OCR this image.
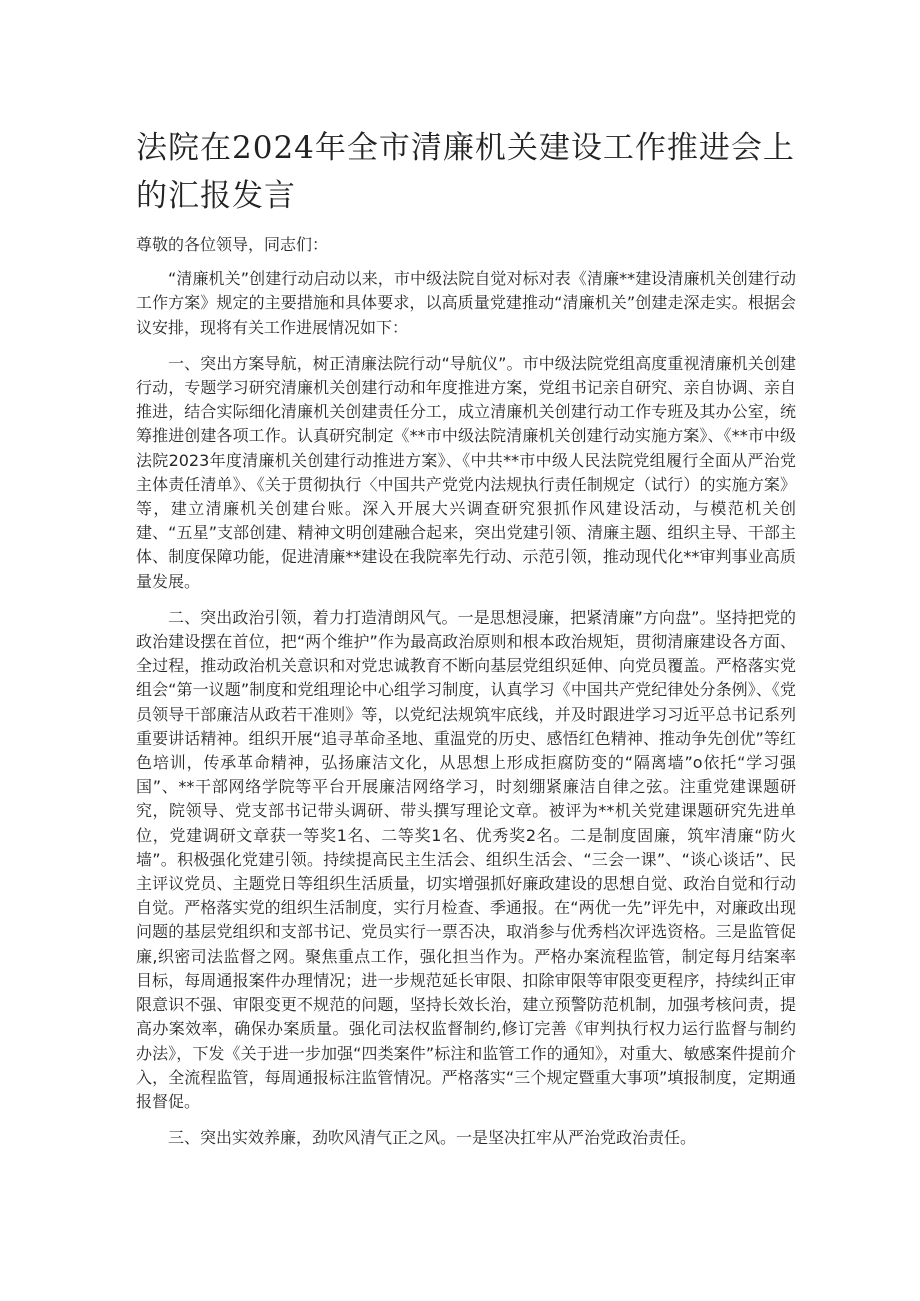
法院在2024年全市清廉机关建设工作推进会上的汇报发言

尊敬的各位领导，同志们：

“清廉机关”创建行动启动以来，市中级法院自觉对标对表《清廉**建设清廉机关创建行动工作方案》规定的主要措施和具体要求，以高质量党建推动“清廉机关”创建走深走实。根据会议安排，现将有关工作进展情况如下：

一、突出方案导航，树正清廉法院行动“导航仪”。市中级法院党组高度重视清廉机关创建行动，专题学习研究清廉机关创建行动和年度推进方案，党组书记亲自研究、亲自协调、亲自推进，结合实际细化清廉机关创建责任分工，成立清廉机关创建行动工作专班及其办公室，统筹推进创建各项工作。认真研究制定《**市中级法院清廉机关创建行动实施方案》、《**市中级法院2023年度清廉机关创建行动推进方案》、《中共**市中级人民法院党组履行全面从严治党主体责任清单》、《关于贯彻执行〈中国共产党党内法规执行责任制规定（试行）的实施方案》等，建立清廉机关创建台账。深入开展大兴调查研究狠抓作风建设活动，与模范机关创建、“五星”支部创建、精神文明创建融合起来，突出党建引领、清廉主题、组织主导、干部主体、制度保障功能，促进清廉**建设在我院率先行动、示范引领，推动现代化**审判事业高质量发展。

二、突出政治引领，着力打造清朗风气。一是思想浸廉，把紧清廉”方向盘”。坚持把党的政治建设摆在首位，把“两个维护”作为最高政治原则和根本政治规矩，贯彻清廉建设各方面、全过程，推动政治机关意识和对党忠诚教育不断向基层党组织延伸、向党员覆盖。严格落实党组会“第一议题”制度和党组理论中心组学习制度，认真学习《中国共产党纪律处分条例》、《党员领导干部廉洁从政若干准则》等，以党纪法规筑牢底线，并及时跟进学习习近平总书记系列重要讲话精神。组织开展“追寻革命圣地、重温党的历史、感悟红色精神、推动争先创优”等红色培训，传承革命精神，弘扬廉洁文化，从思想上形成拒腐防变的“隔离墙”o依托“学习强国”、**干部网络学院等平台开展廉洁网络学习，时刻绷紧廉洁自律之弦。注重党建课题研究，院领导、党支部书记带头调研、带头撰写理论文章。被评为**机关党建课题研究先进单位，党建调研文章获一等奖1名、二等奖1名、优秀奖2名。二是制度固廉，筑牢清廉“防火墙”。积极强化党建引领。持续提高民主生活会、组织生活会、“三会一课”、“谈心谈话”、民主评议党员、主题党日等组织生活质量，切实增强抓好廉政建设的思想自觉、政治自觉和行动自觉。严格落实党的组织生活制度，实行月检查、季通报。在“两优一先”评先中，对廉政出现问题的基层党组织和支部书记、党员实行一票否决，取消参与优秀档次评选资格。三是监管促廉,织密司法监督之网。聚焦重点工作，强化担当作为。严格办案流程监管，制定每月结案率目标，每周通报案件办理情况；进一步规范延长审限、扣除审限等审限变更程序，持续纠正审限意识不强、审限变更不规范的问题，坚持长效长治，建立预警防范机制，加强考核问责，提高办案效率，确保办案质量。强化司法权监督制约,修订完善《审判执行权力运行监督与制约办法》，下发《关于进一步加强“四类案件”标注和监管工作的通知》，对重大、敏感案件提前介入，全流程监管，每周通报标注监管情况。严格落实“三个规定暨重大事项”填报制度，定期通报督促。

三、突出实效养廉，劲吹风清气正之风。一是坚决扛牢从严治党政治责任。
